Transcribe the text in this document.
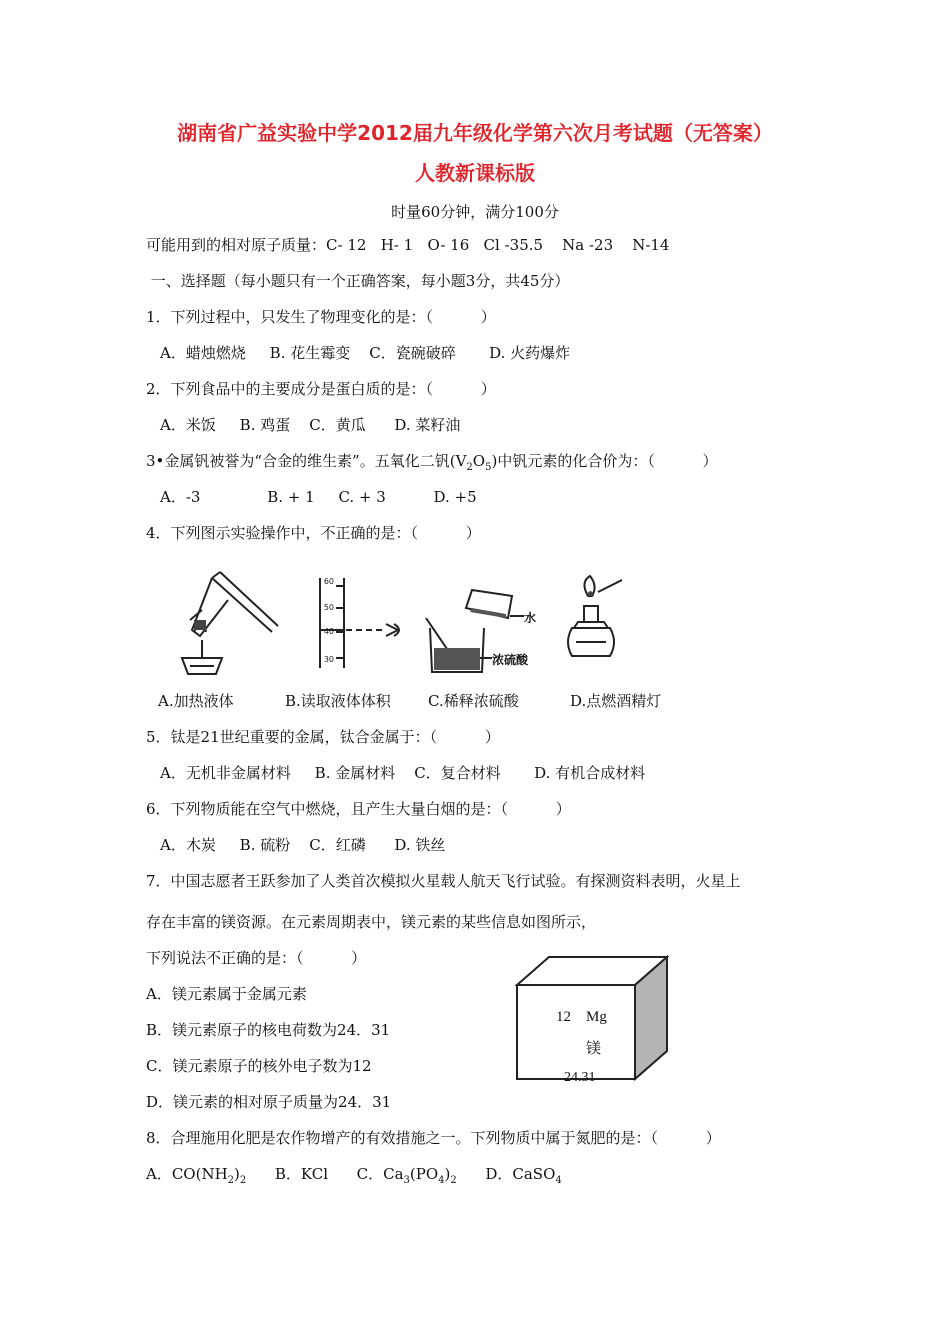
湖南省广益实验中学2012届九年级化学第六次月考试题（无答案）
人教新课标版
时量60分钟，满分100分
可能用到的相对原子质量：C- 12   H- 1   O- 16   Cl -35.5    Na -23    N-14
一、选择题（每小题只有一个正确答案，每小题3分，共45分）
1．下列过程中，只发生了物理变化的是：（          ）
A．蜡烛燃烧     B. 花生霉变    C．瓷碗破碎       D. 火药爆炸
2．下列食品中的主要成分是蛋白质的是：（          ）
A．米饭     B. 鸡蛋    C．黄瓜      D. 菜籽油
3•金属钒被誉为“合金的维生素”。五氧化二钒$(V_2O_5)$中钒元素的化合价为：（          ）
A．-3              B. + 1     C. + 3          D. +5
4．下列图示实验操作中，不正确的是：（          ）
60
50
40
30
水
浓硫酸
A.加热液体	B.读取液体体积 C.稀释浓硫酸	D.点燃酒精灯
5．钛是21世纪重要的金属，钛合金属于：（          ）
A．无机非金属材料     B. 金属材料    C．复合材料       D. 有机合成材料
6．下列物质能在空气中燃烧，且产生大量白烟的是：（          ）
A．木炭     B. 硫粉    C．红磷      D. 铁丝
7．中国志愿者王跃参加了人类首次模拟火星载人航天飞行试验。有探测资料表明，火星上
存在丰富的镁资源。在元素周期表中，镁元素的某些信息如图所示，
下列说法不正确的是：（          ）
A．镁元素属于金属元素
B．镁元素原子的核电荷数为24．31
C．镁元素原子的核外电子数为12
D．镁元素的相对原子质量为24．31
12 Mg
镁
24.31
8．合理施用化肥是农作物增产的有效措施之一。下列物质中属于氮肥的是：（          ）
A．$CO(NH_2)_2$ B．KCl C．$Ca_3(PO_4)_2$ D．CaSO$_4$
